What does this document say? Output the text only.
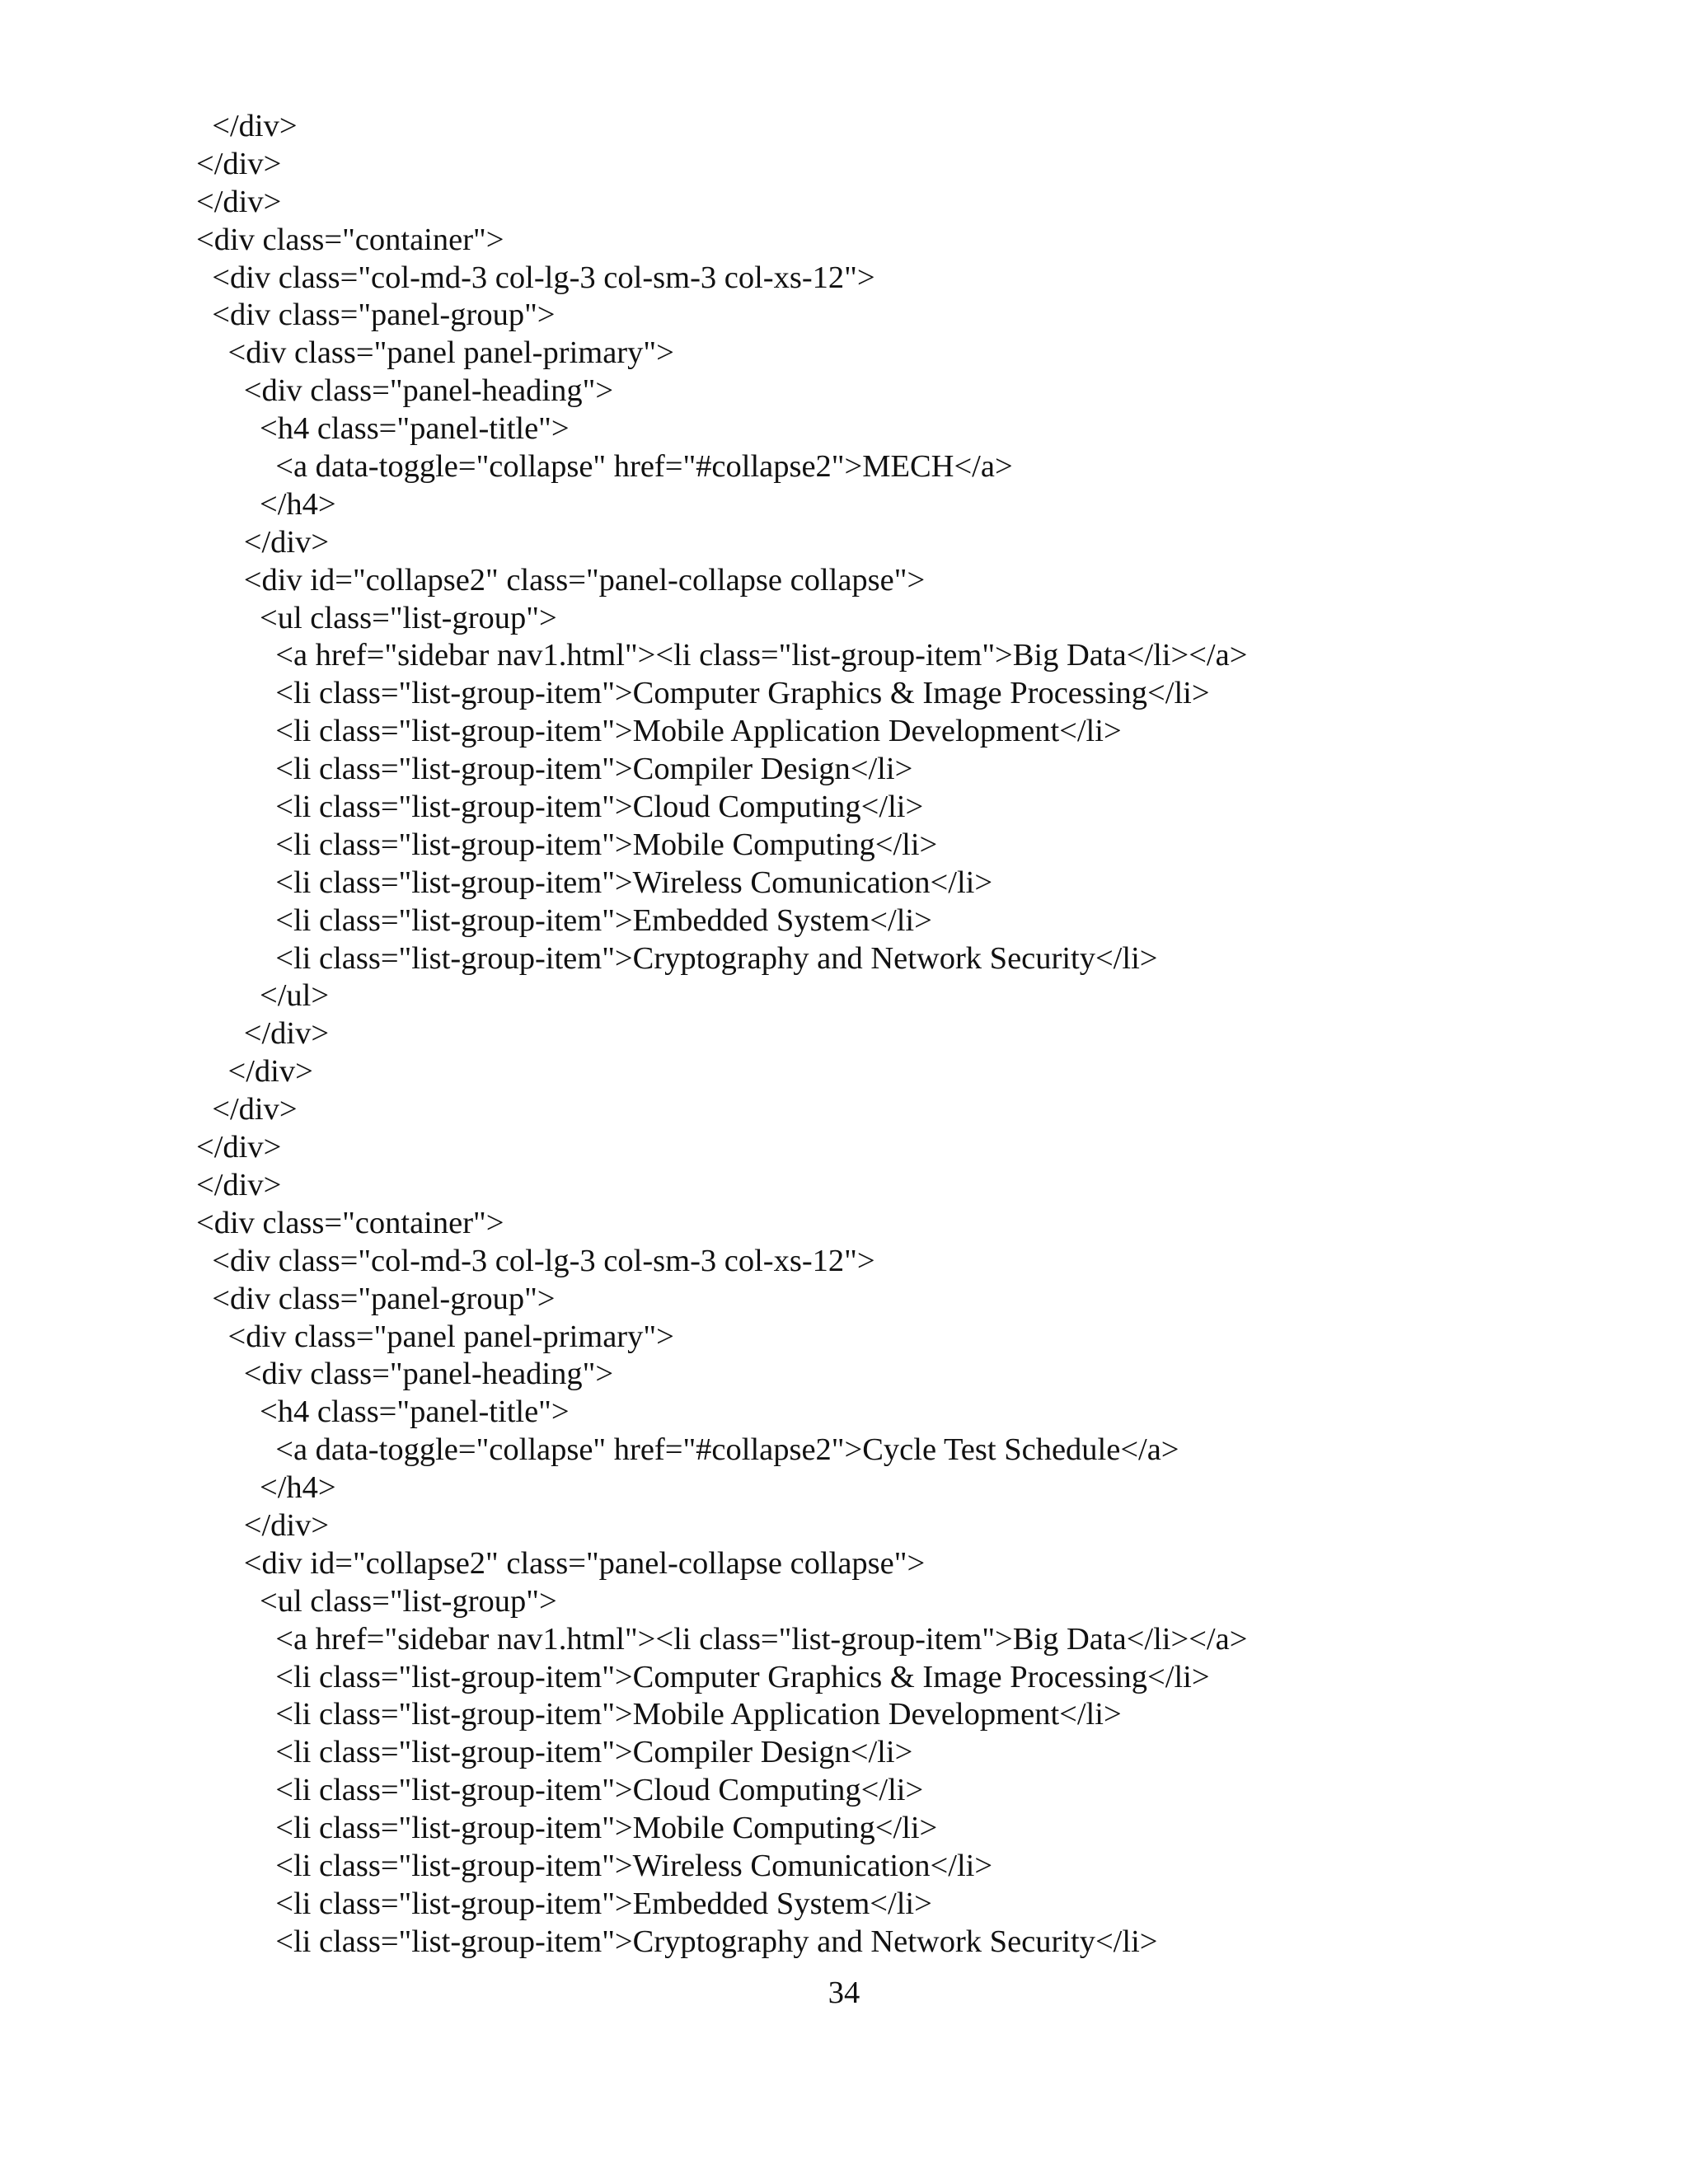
</div>
</div>
</div>
<div class="container">
<div class="col-md-3 col-lg-3 col-sm-3 col-xs-12">
<div class="panel-group">
<div class="panel panel-primary">
<div class="panel-heading">
<h4 class="panel-title">
<a data-toggle="collapse" href="#collapse2">MECH</a>
</h4>
</div>
<div id="collapse2" class="panel-collapse collapse">
<ul class="list-group">
<a href="sidebar nav1.html"><li class="list-group-item">Big Data</li></a>
<li class="list-group-item">Computer Graphics & Image Processing</li>
<li class="list-group-item">Mobile Application Development</li>
<li class="list-group-item">Compiler Design</li>
<li class="list-group-item">Cloud Computing</li>
<li class="list-group-item">Mobile Computing</li>
<li class="list-group-item">Wireless Comunication</li>
<li class="list-group-item">Embedded System</li>
<li class="list-group-item">Cryptography and Network Security</li>
</ul>
</div>
</div>
</div>
</div>
</div>
<div class="container">
<div class="col-md-3 col-lg-3 col-sm-3 col-xs-12">
<div class="panel-group">
<div class="panel panel-primary">
<div class="panel-heading">
<h4 class="panel-title">
<a data-toggle="collapse" href="#collapse2">Cycle Test Schedule</a>
</h4>
</div>
<div id="collapse2" class="panel-collapse collapse">
<ul class="list-group">
<a href="sidebar nav1.html"><li class="list-group-item">Big Data</li></a>
<li class="list-group-item">Computer Graphics & Image Processing</li>
<li class="list-group-item">Mobile Application Development</li>
<li class="list-group-item">Compiler Design</li>
<li class="list-group-item">Cloud Computing</li>
<li class="list-group-item">Mobile Computing</li>
<li class="list-group-item">Wireless Comunication</li>
<li class="list-group-item">Embedded System</li>
<li class="list-group-item">Cryptography and Network Security</li>
34
